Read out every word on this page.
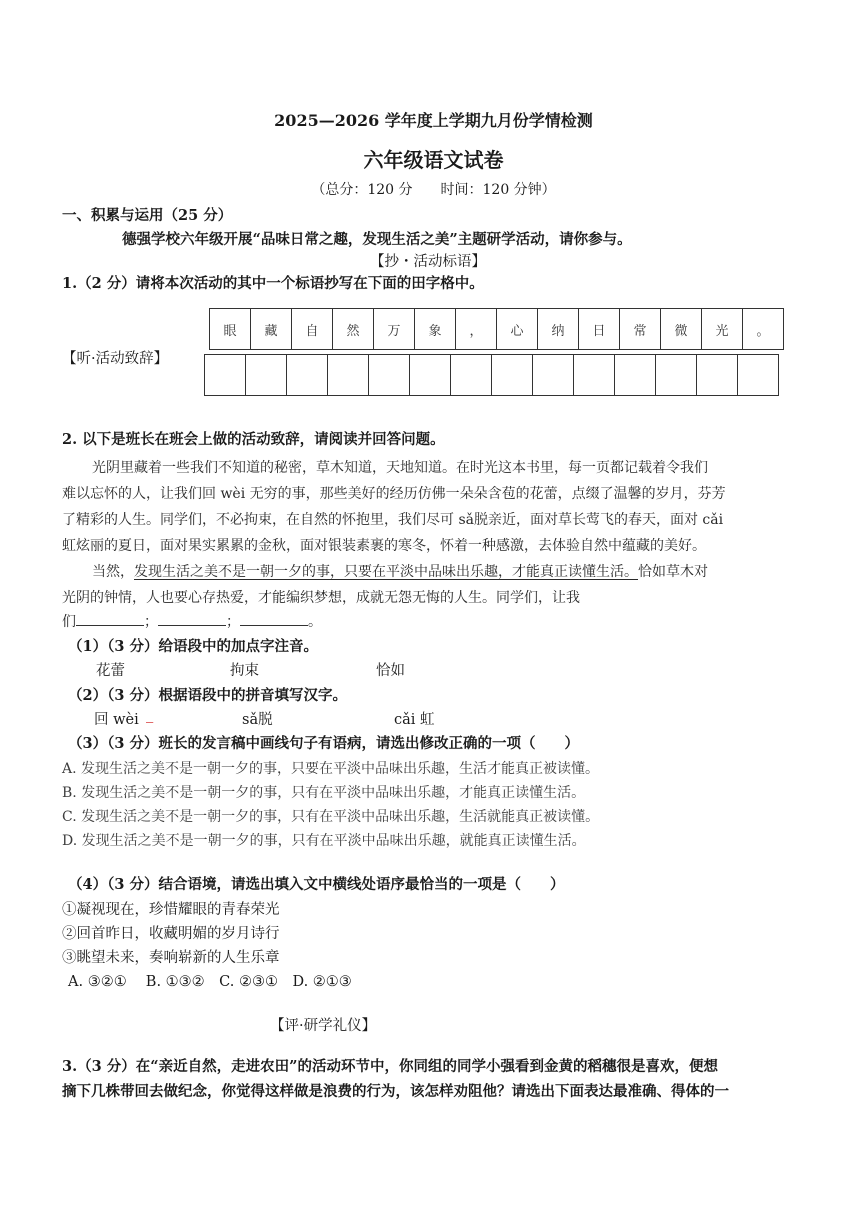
2025—2026 学年度上学期九月份学情检测
六年级语文试卷
（总分：120 分　　时间：120 分钟）
一、积累与运用（25 分）
德强学校六年级开展“品味日常之趣，发现生活之美”主题研学活动，请你参与。
【抄・活动标语】
1.（2 分）请将本次活动的其中一个标语抄写在下面的田字格中。
眼	藏	自	然	万	象	，	心	纳	日	常	微	光	。

【听·活动致辞】
2. 以下是班长在班会上做的活动致辞，请阅读并回答问题。
光阴里藏着一些我们不知道的秘密，草木知道，天地知道。在时光这本书里，每一页都记载着令我们
难以忘怀的人，让我们回 wèi 无穷的事，那些美好的经历仿佛一朵朵含苞的花蕾，点缀了温馨的岁月，芬芳
了精彩的人生。同学们，不必拘束，在自然的怀抱里，我们尽可 sǎ脱亲近，面对草长莺飞的春天，面对 cǎi
虹炫丽的夏日，面对果实累累的金秋，面对银装素裹的寒冬，怀着一种感激，去体验自然中蕴藏的美好。
当然，发现生活之美不是一朝一夕的事，只要在平淡中品味出乐趣，才能真正读懂生活。恰如草木对
光阴的钟情，人也要心存热爱，才能编织梦想，成就无怨无悔的人生。同学们，让我
们	；	；	。
（1）（3 分）给语段中的加点字注音。
花蕾	拘束	恰如
（2）（3 分）根据语段中的拼音填写汉字。
回 wèi _	sǎ脱	cǎi 虹
（3）（3 分）班长的发言稿中画线句子有语病，请选出修改正确的一项（　　）
A. 发现生活之美不是一朝一夕的事，只要在平淡中品味出乐趣，生活才能真正被读懂。
B. 发现生活之美不是一朝一夕的事，只有在平淡中品味出乐趣，才能真正读懂生活。
C. 发现生活之美不是一朝一夕的事，只有在平淡中品味出乐趣，生活就能真正被读懂。
D. 发现生活之美不是一朝一夕的事，只有在平淡中品味出乐趣，就能真正读懂生活。
（4）（3 分）结合语境，请选出填入文中横线处语序最恰当的一项是（　　）
①凝视现在，珍惜耀眼的青春荣光
②回首昨日，收藏明媚的岁月诗行
③眺望未来，奏响崭新的人生乐章
A. ③②①　 B. ①③②　C. ②③①　D. ②①③
【评·研学礼仪】
3.（3 分）在“亲近自然，走进农田”的活动环节中，你同组的同学小强看到金黄的稻穗很是喜欢，便想
摘下几株带回去做纪念，你觉得这样做是浪费的行为，该怎样劝阻他？请选出下面表达最准确、得体的一
